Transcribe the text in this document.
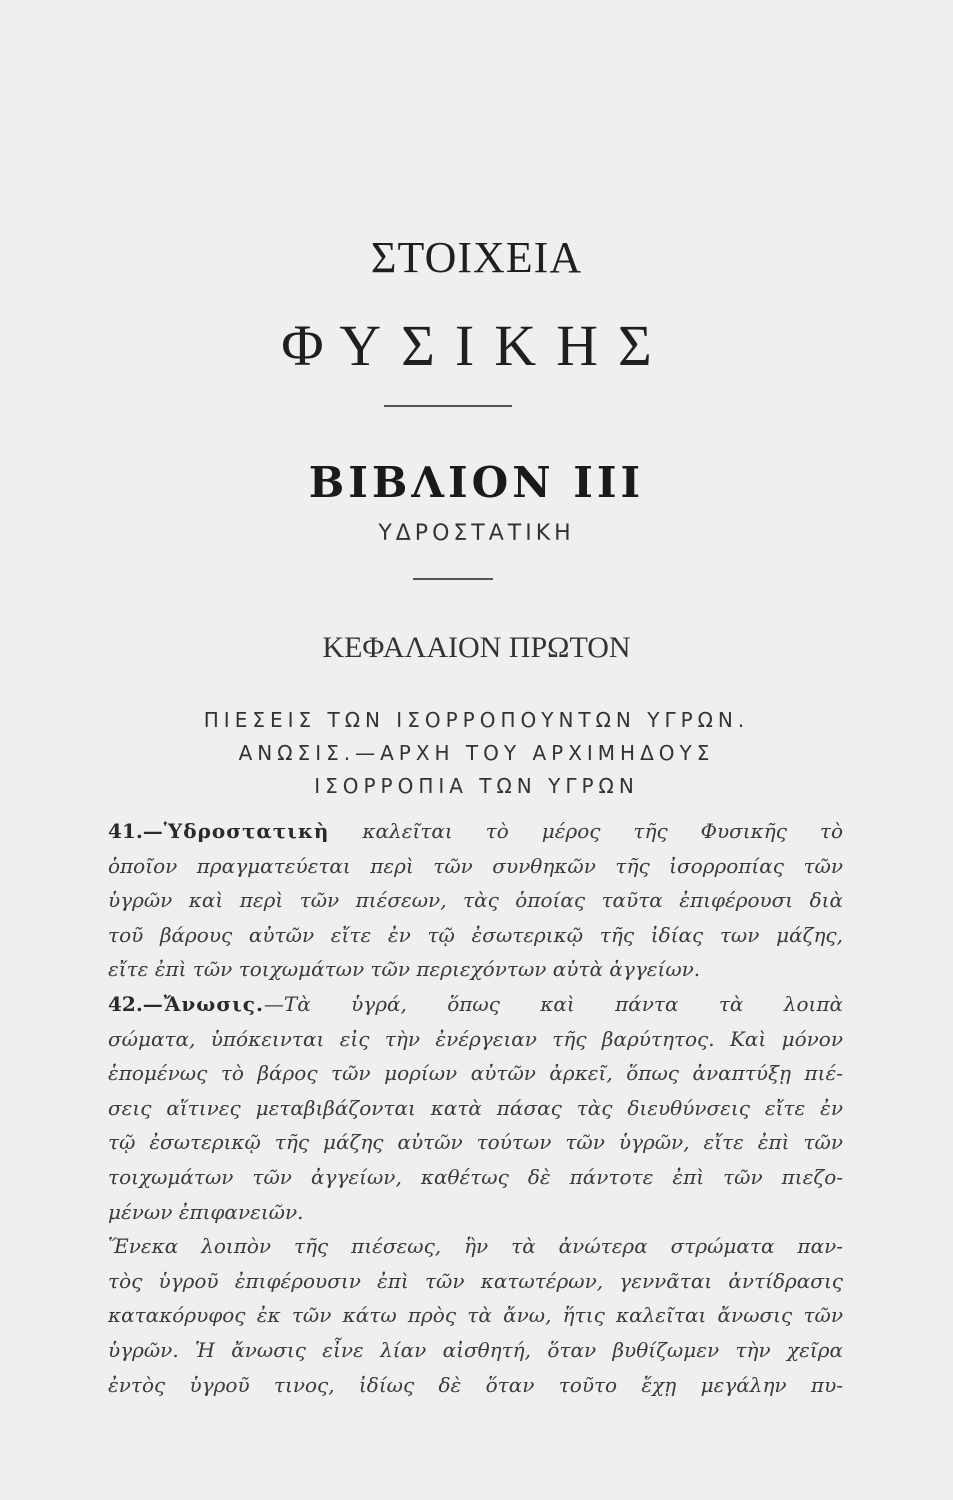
ΣΤΟΙΧΕΙΑ
ΦΥΣΙΚΗΣ
ΒΙΒΛΙΟΝ ΙΙΙ
ΥΔΡΟΣΤΑΤΙΚΗ
ΚΕΦΑΛΑΙΟΝ ΠΡΩΤΟΝ
ΠΙΕΣΕΙΣ ΤΩΝ ΙΣΟΡΡΟΠΟΥΝΤΩΝ ΥΓΡΩΝ.
ΑΝΩΣΙΣ.—ΑΡΧΗ ΤΟΥ ΑΡΧΙΜΗΔΟΥΣ
ΙΣΟΡΡΟΠΙΑ ΤΩΝ ΥΓΡΩΝ
41.—Ὑδροστατικὴ καλεῖται τὸ μέρος τῆς Φυσικῆς τὸ
ὁποῖον πραγματεύεται περὶ τῶν συνθηκῶν τῆς ἰσορροπίας τῶν
ὑγρῶν καὶ περὶ τῶν πιέσεων, τὰς ὁποίας ταῦτα ἐπιφέρουσι διὰ
τοῦ βάρους αὐτῶν εἴτε ἐν τῷ ἐσωτερικῷ τῆς ἰδίας των μάζης,
εἴτε ἐπὶ τῶν τοιχωμάτων τῶν περιεχόντων αὐτὰ ἀγγείων.
42.—Ἄνωσις.—Τὰ ὑγρά, ὅπως καὶ πάντα τὰ λοιπὰ
σώματα, ὑπόκεινται εἰς τὴν ἐνέργειαν τῆς βαρύτητος. Καὶ μόνον
ἑπομένως τὸ βάρος τῶν μορίων αὐτῶν ἀρκεῖ, ὅπως ἀναπτύξῃ πιέ-
σεις αἵτινες μεταβιβάζονται κατὰ πάσας τὰς διευθύνσεις εἴτε ἐν
τῷ ἐσωτερικῷ τῆς μάζης αὐτῶν τούτων τῶν ὑγρῶν, εἴτε ἐπὶ τῶν
τοιχωμάτων τῶν ἀγγείων, καθέτως δὲ πάντοτε ἐπὶ τῶν πιεζο-
μένων ἐπιφανειῶν.
Ἕνεκα λοιπὸν τῆς πιέσεως, ἣν τὰ ἀνώτερα στρώματα παν-
τὸς ὑγροῦ ἐπιφέρουσιν ἐπὶ τῶν κατωτέρων, γεννᾶται ἀντίδρασις
κατακόρυφος ἐκ τῶν κάτω πρὸς τὰ ἄνω, ἥτις καλεῖται ἄνωσις τῶν
ὑγρῶν. Ἡ ἄνωσις εἶνε λίαν αἰσθητή, ὅταν βυθίζωμεν τὴν χεῖρα
ἐντὸς ὑγροῦ τινος, ἰδίως δὲ ὅταν τοῦτο ἔχῃ μεγάλην πυ-
